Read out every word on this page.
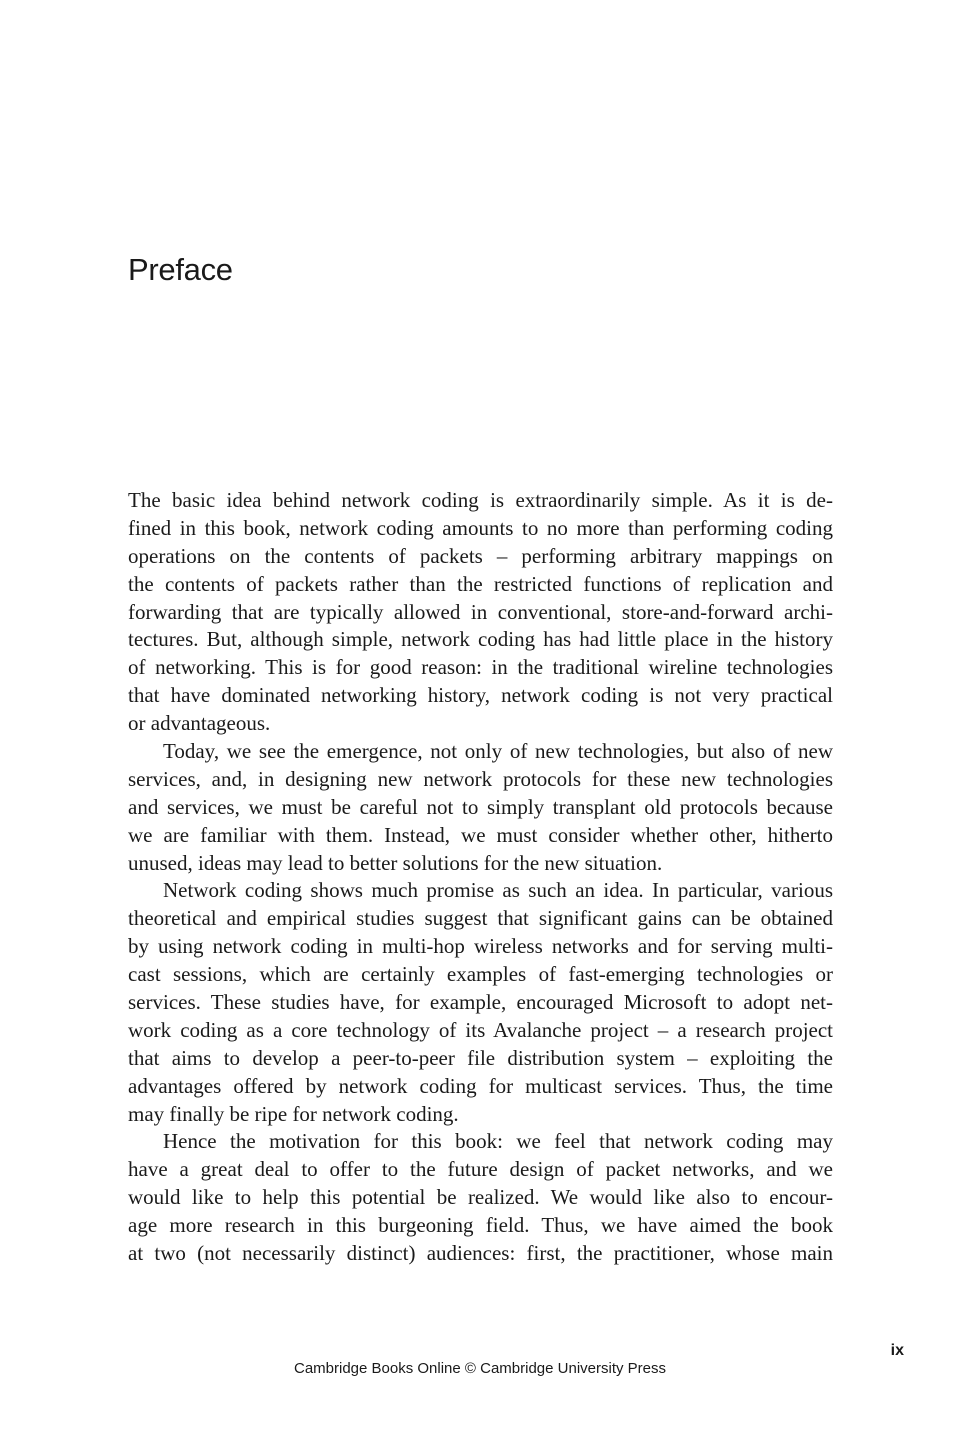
Preface
The basic idea behind network coding is extraordinarily simple. As it is de-
fined in this book, network coding amounts to no more than performing coding
operations on the contents of packets – performing arbitrary mappings on
the contents of packets rather than the restricted functions of replication and
forwarding that are typically allowed in conventional, store-and-forward archi-
tectures. But, although simple, network coding has had little place in the history
of networking. This is for good reason: in the traditional wireline technologies
that have dominated networking history, network coding is not very practical
or advantageous.
Today, we see the emergence, not only of new technologies, but also of new
services, and, in designing new network protocols for these new technologies
and services, we must be careful not to simply transplant old protocols because
we are familiar with them. Instead, we must consider whether other, hitherto
unused, ideas may lead to better solutions for the new situation.
Network coding shows much promise as such an idea. In particular, various
theoretical and empirical studies suggest that significant gains can be obtained
by using network coding in multi-hop wireless networks and for serving multi-
cast sessions, which are certainly examples of fast-emerging technologies or
services. These studies have, for example, encouraged Microsoft to adopt net-
work coding as a core technology of its Avalanche project – a research project
that aims to develop a peer-to-peer file distribution system – exploiting the
advantages offered by network coding for multicast services. Thus, the time
may finally be ripe for network coding.
Hence the motivation for this book: we feel that network coding may
have a great deal to offer to the future design of packet networks, and we
would like to help this potential be realized. We would like also to encour-
age more research in this burgeoning field. Thus, we have aimed the book
at two (not necessarily distinct) audiences: first, the practitioner, whose main
ix
Cambridge Books Online © Cambridge University Press
